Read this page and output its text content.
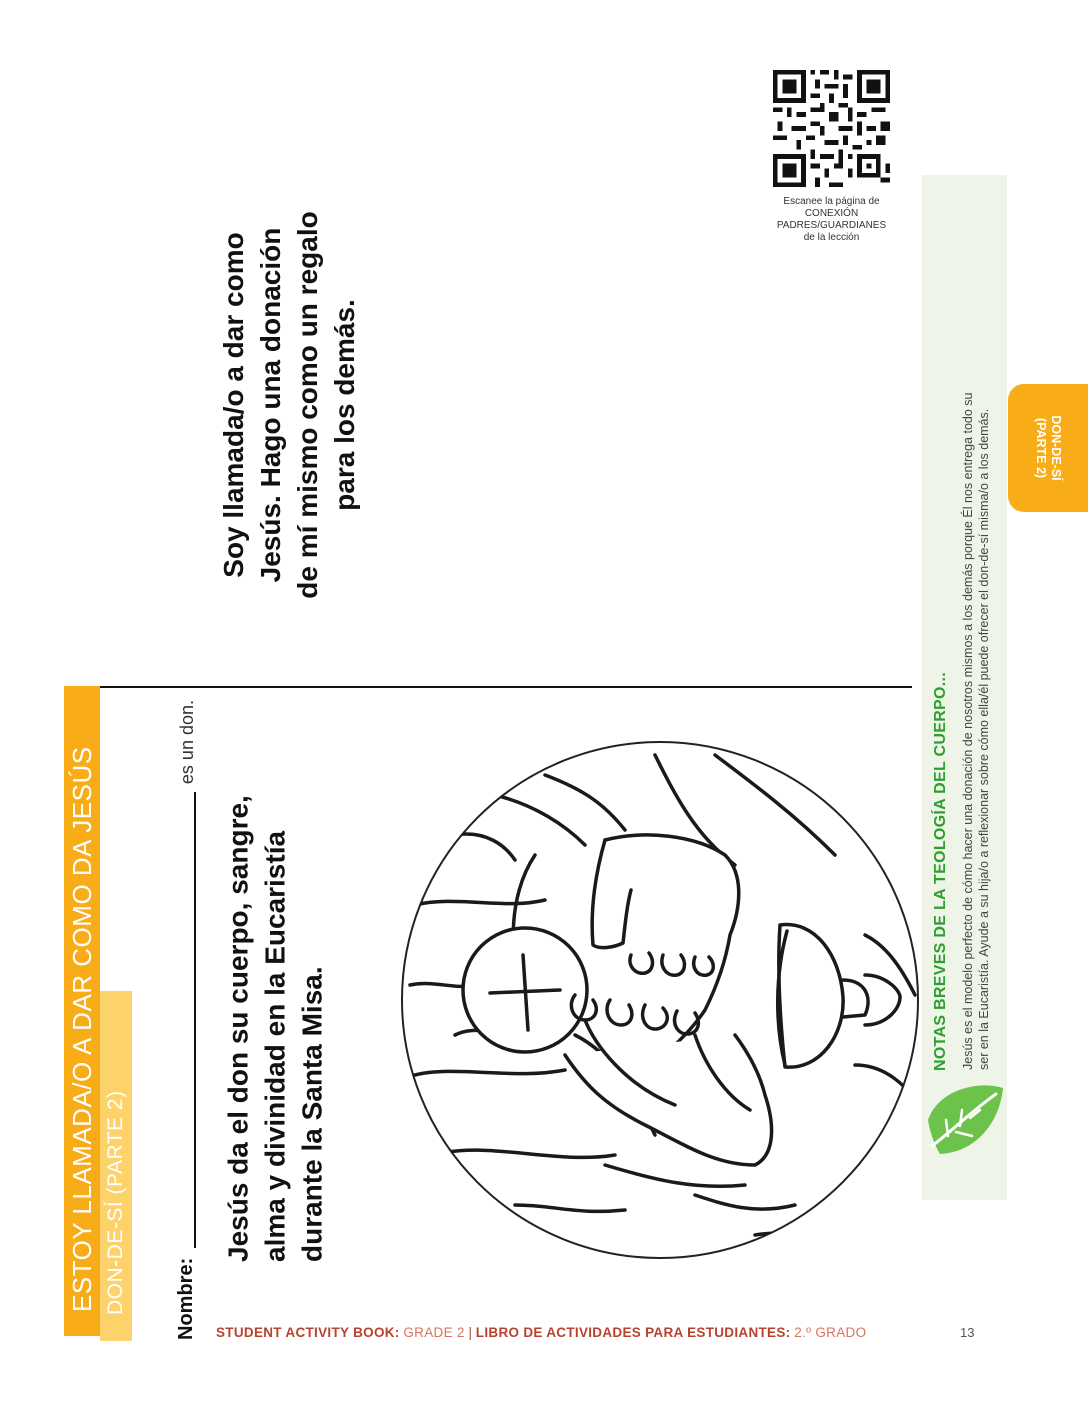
ESTOY LLAMADA/O A DAR COMO DA JESÚS DON-DE-SÍ (PARTE 2) Nombre:
es un don.
Jesús da el don su cuerpo, sangre, alma y divinidad en la Eucaristía durante la Santa Misa.
Soy llamada/o a dar como Jesús. Hago una donación de mí mismo como un regalo para los demás.
Escanee la página de
CONEXIÓN
PADRES/GUARDIANES
de la lección
NOTAS BREVES DE LA TEOLOGÍA DEL CUERPO... Jesús es el modelo perfecto de cómo hacer una donación de nosotros mismos a los demás porque Él nos entrega todo su ser en la Eucaristía. Ayude a su hija/o a reflexionar sobre cómo ella/él puede ofrecer el don-de-sí misma/o a los demás.	DON-DE-SÍ
(PARTE 2)
STUDENT ACTIVITY BOOK: GRADE 2 | LIBRO DE ACTIVIDADES PARA ESTUDIANTES: 2.º GRADO	13
